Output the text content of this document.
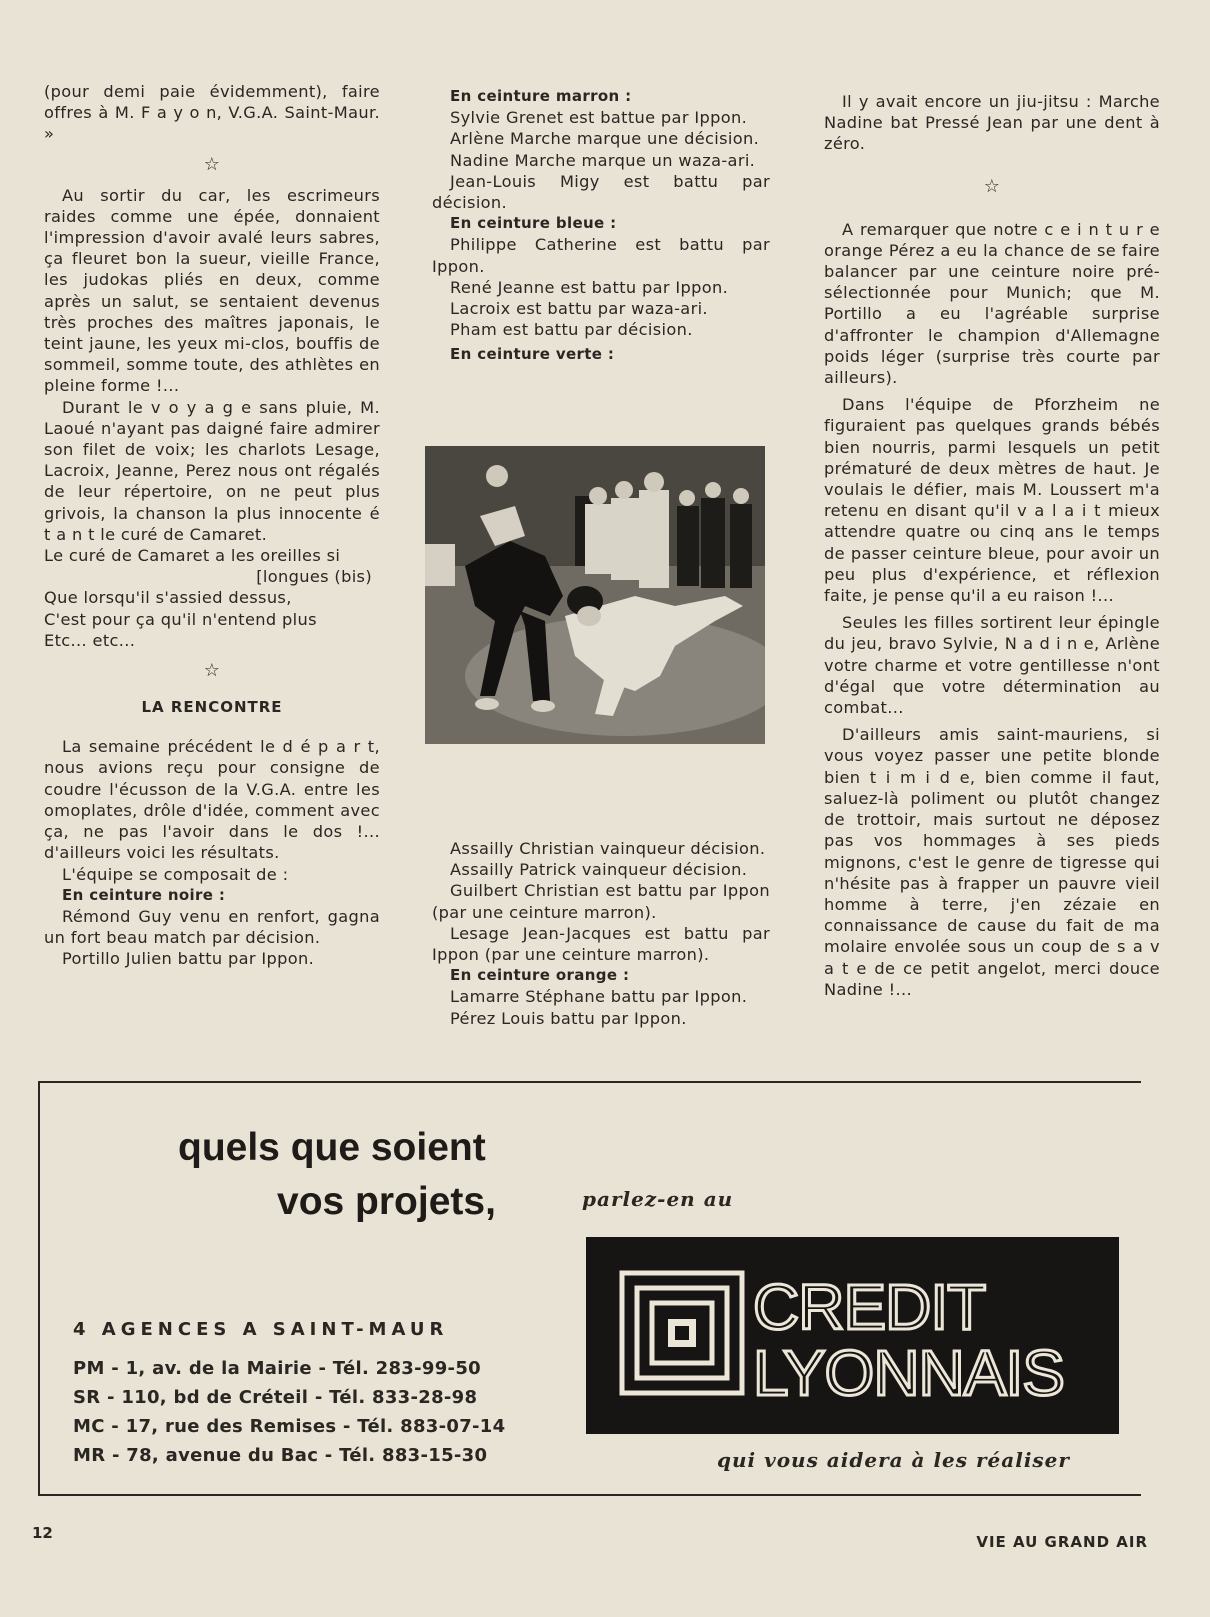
(pour demi paie évidemment), faire offres à M. F a y o n, V.G.A. Saint-Maur. »

☆

Au sortir du car, les escrimeurs raides comme une épée, donnaient l'impression d'avoir avalé leurs sabres, ça fleuret bon la sueur, vieille France, les judokas pliés en deux, comme après un salut, se sentaient devenus très proches des maîtres japonais, le teint jaune, les yeux mi-clos, bouffis de sommeil, somme toute, des athlètes en pleine forme !...

Durant le v o y a g e sans pluie, M. Laoué n'ayant pas daigné faire admirer son filet de voix; les charlots Lesage, Lacroix, Jeanne, Perez nous ont régalés de leur répertoire, on ne peut plus grivois, la chanson la plus innocente é t a n t le curé de Camaret.

Le curé de Camaret a les oreilles si

[longues (bis)

Que lorsqu'il s'assied dessus,

C'est pour ça qu'il n'entend plus

Etc... etc...

☆
LA RENCONTRE

La semaine précédent le d é p a r t, nous avions reçu pour consigne de coudre l'écusson de la V.G.A. entre les omoplates, drôle d'idée, comment avec ça, ne pas l'avoir dans le dos !... d'ailleurs voici les résultats.

L'équipe se composait de :

En ceinture noire :

Rémond Guy venu en renfort, gagna un fort beau match par décision.

Portillo Julien battu par Ippon.

En ceinture marron :

Sylvie Grenet est battue par Ippon.

Arlène Marche marque une décision.

Nadine Marche marque un waza-ari.

Jean-Louis Migy est battu par décision.

En ceinture bleue :

Philippe Catherine est battu par Ippon.

René Jeanne est battu par Ippon.

Lacroix est battu par waza-ari.

Pham est battu par décision.

En ceinture verte :

Assailly Christian vainqueur décision.

Assailly Patrick vainqueur décision.

Guilbert Christian est battu par Ippon (par une ceinture marron).

Lesage Jean-Jacques est battu par Ippon (par une ceinture marron).

En ceinture orange :

Lamarre Stéphane battu par Ippon.

Pérez Louis battu par Ippon.

Il y avait encore un jiu-jitsu : Marche Nadine bat Pressé Jean par une dent à zéro.

☆

A remarquer que notre c e i n t u r e orange Pérez a eu la chance de se faire balancer par une ceinture noire pré-sélectionnée pour Munich; que M. Portillo a eu l'agréable surprise d'affronter le champion d'Allemagne poids léger (surprise très courte par ailleurs).

Dans l'équipe de Pforzheim ne figuraient pas quelques grands bébés bien nourris, parmi lesquels un petit prématuré de deux mètres de haut. Je voulais le défier, mais M. Loussert m'a retenu en disant qu'il v a l a i t mieux attendre quatre ou cinq ans le temps de passer ceinture bleue, pour avoir un peu plus d'expérience, et réflexion faite, je pense qu'il a eu raison !...

Seules les filles sortirent leur épingle du jeu, bravo Sylvie, N a d i n e, Arlène votre charme et votre gentillesse n'ont d'égal que votre détermination au combat...

D'ailleurs amis saint-mauriens, si vous voyez passer une petite blonde bien t i m i d e, bien comme il faut, saluez-là poliment ou plutôt changez de trottoir, mais surtout ne déposez pas vos hommages à ses pieds mignons, c'est le genre de tigresse qui n'hésite pas à frapper un pauvre vieil homme à terre, j'en zézaie en connaissance de cause du fait de ma molaire envolée sous un coup de s a v a t e de ce petit angelot, merci douce Nadine !...

quels que soient
vos projets,	parlez-en au
4 AGENCES A SAINT-MAUR
PM - 1, av. de la Mairie - Tél. 283-99-50
SR - 110, bd de Créteil - Tél. 833-28-98
MC - 17, rue des Remises - Tél. 883-07-14
MR - 78, avenue du Bac - Tél. 883-15-30
CREDIT
LYONNAIS
qui vous aidera à les réaliser
12	VIE AU GRAND AIR
